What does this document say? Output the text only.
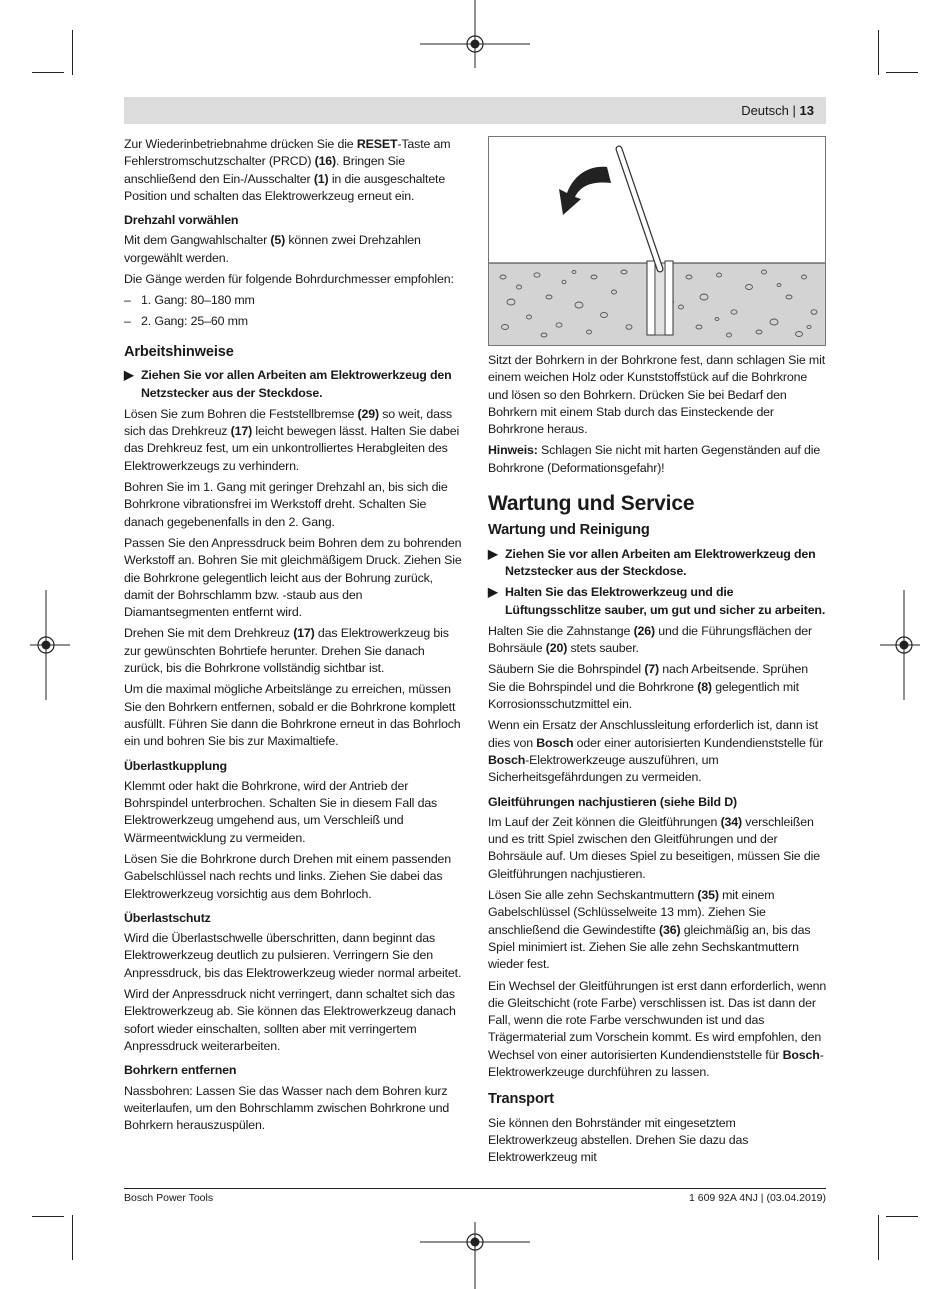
Deutsch | 13

Zur Wiederinbetriebnahme drücken Sie die RESET-Taste am Fehlerstromschutzschalter (PRCD) (16). Bringen Sie anschließend den Ein-/Ausschalter (1) in die ausgeschaltete Position und schalten das Elektrowerkzeug erneut ein.

Drehzahl vorwählen

Mit dem Gangwahlschalter (5) können zwei Drehzahlen vorgewählt werden.

Die Gänge werden für folgende Bohrdurchmesser empfohlen:

– 1. Gang: 80–180 mm
– 2. Gang: 25–60 mm
Arbeitshinweise
▶ Ziehen Sie vor allen Arbeiten am Elektrowerkzeug den Netzstecker aus der Steckdose.

Lösen Sie zum Bohren die Feststellbremse (29) so weit, dass sich das Drehkreuz (17) leicht bewegen lässt. Halten Sie dabei das Drehkreuz fest, um ein unkontrolliertes Herabgleiten des Elektrowerkzeugs zu verhindern.

Bohren Sie im 1. Gang mit geringer Drehzahl an, bis sich die Bohrkrone vibrationsfrei im Werkstoff dreht. Schalten Sie danach gegebenenfalls in den 2. Gang.

Passen Sie den Anpressdruck beim Bohren dem zu bohrenden Werkstoff an. Bohren Sie mit gleichmäßigem Druck. Ziehen Sie die Bohrkrone gelegentlich leicht aus der Bohrung zurück, damit der Bohrschlamm bzw. -staub aus den Diamantsegmenten entfernt wird.

Drehen Sie mit dem Drehkreuz (17) das Elektrowerkzeug bis zur gewünschten Bohrtiefe herunter. Drehen Sie danach zurück, bis die Bohrkrone vollständig sichtbar ist.

Um die maximal mögliche Arbeitslänge zu erreichen, müssen Sie den Bohrkern entfernen, sobald er die Bohrkrone komplett ausfüllt. Führen Sie dann die Bohrkrone erneut in das Bohrloch ein und bohren Sie bis zur Maximaltiefe.

Überlastkupplung

Klemmt oder hakt die Bohrkrone, wird der Antrieb der Bohrspindel unterbrochen. Schalten Sie in diesem Fall das Elektrowerkzeug umgehend aus, um Verschleiß und Wärmeentwicklung zu vermeiden.

Lösen Sie die Bohrkrone durch Drehen mit einem passenden Gabelschlüssel nach rechts und links. Ziehen Sie dabei das Elektrowerkzeug vorsichtig aus dem Bohrloch.

Überlastschutz

Wird die Überlastschwelle überschritten, dann beginnt das Elektrowerkzeug deutlich zu pulsieren. Verringern Sie den Anpressdruck, bis das Elektrowerkzeug wieder normal arbeitet.

Wird der Anpressdruck nicht verringert, dann schaltet sich das Elektrowerkzeug ab. Sie können das Elektrowerkzeug danach sofort wieder einschalten, sollten aber mit verringertem Anpressdruck weiterarbeiten.

Bohrkern entfernen

Nassbohren: Lassen Sie das Wasser nach dem Bohren kurz weiterlaufen, um den Bohrschlamm zwischen Bohrkrone und Bohrkern herauszuspülen.

Sitzt der Bohrkern in der Bohrkrone fest, dann schlagen Sie mit einem weichen Holz oder Kunststoffstück auf die Bohrkrone und lösen so den Bohrkern. Drücken Sie bei Bedarf den Bohrkern mit einem Stab durch das Einsteckende der Bohrkrone heraus.

Hinweis: Schlagen Sie nicht mit harten Gegenständen auf die Bohrkrone (Deformationsgefahr)!

Wartung und Service
Wartung und Reinigung
▶ Ziehen Sie vor allen Arbeiten am Elektrowerkzeug den Netzstecker aus der Steckdose.
▶ Halten Sie das Elektrowerkzeug und die Lüftungsschlitze sauber, um gut und sicher zu arbeiten.

Halten Sie die Zahnstange (26) und die Führungsflächen der Bohrsäule (20) stets sauber.

Säubern Sie die Bohrspindel (7) nach Arbeitsende. Sprühen Sie die Bohrspindel und die Bohrkrone (8) gelegentlich mit Korrosionsschutzmittel ein.

Wenn ein Ersatz der Anschlussleitung erforderlich ist, dann ist dies von Bosch oder einer autorisierten Kundendienststelle für Bosch-Elektrowerkzeuge auszuführen, um Sicherheitsgefährdungen zu vermeiden.

Gleitführungen nachjustieren (siehe Bild D)

Im Lauf der Zeit können die Gleitführungen (34) verschleißen und es tritt Spiel zwischen den Gleitführungen und der Bohrsäule auf. Um dieses Spiel zu beseitigen, müssen Sie die Gleitführungen nachjustieren.

Lösen Sie alle zehn Sechskantmuttern (35) mit einem Gabelschlüssel (Schlüsselweite 13 mm). Ziehen Sie anschließend die Gewindestifte (36) gleichmäßig an, bis das Spiel minimiert ist. Ziehen Sie alle zehn Sechskantmuttern wieder fest.

Ein Wechsel der Gleitführungen ist erst dann erforderlich, wenn die Gleitschicht (rote Farbe) verschlissen ist. Das ist dann der Fall, wenn die rote Farbe verschwunden ist und das Trägermaterial zum Vorschein kommt. Es wird empfohlen, den Wechsel von einer autorisierten Kundendienststelle für Bosch-Elektrowerkzeuge durchführen zu lassen.

Transport

Sie können den Bohrständer mit eingesetztem Elektrowerkzeug abstellen. Drehen Sie dazu das Elektrowerkzeug mit

Bosch Power Tools	1 609 92A 4NJ | (03.04.2019)
